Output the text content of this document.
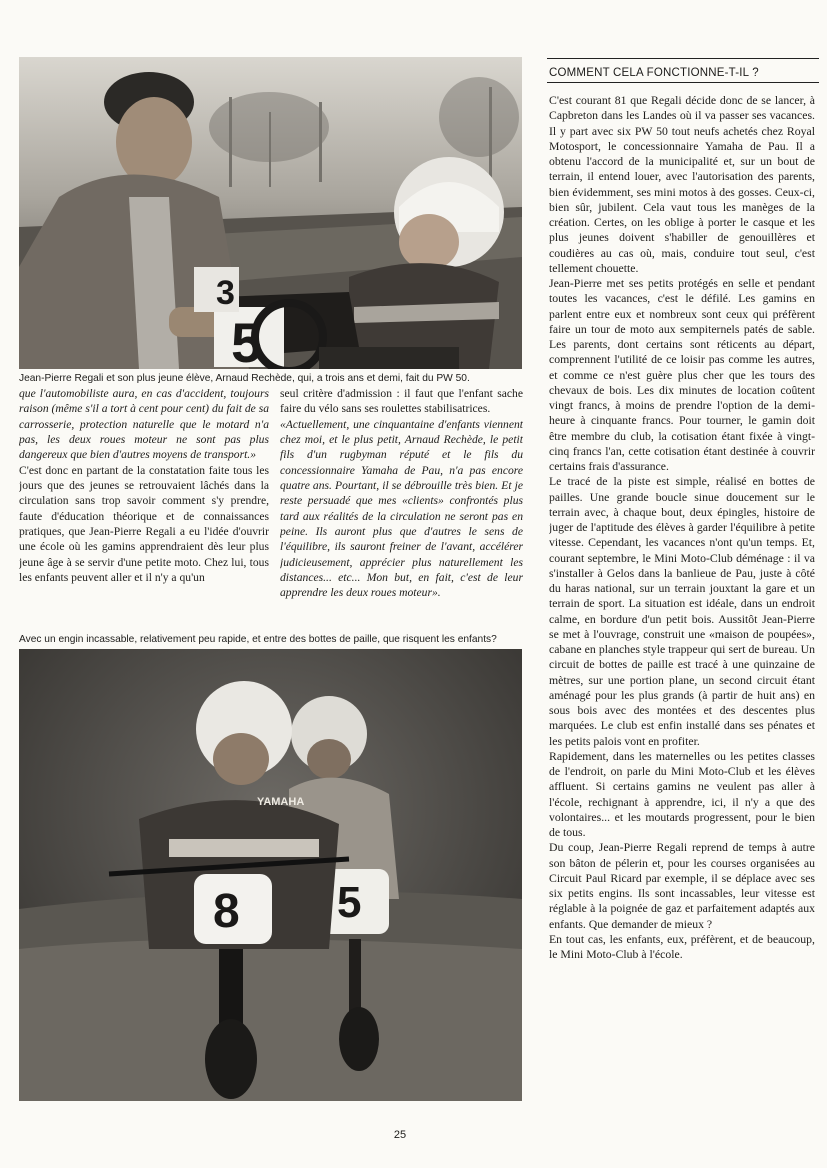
3
5
Jean-Pierre Regali et son plus jeune élève, Arnaud Rechède, qui, a trois ans et demi, fait du PW 50.

que l'automobiliste aura, en cas d'accident, toujours raison (même s'il a tort à cent pour cent) du fait de sa carrosserie, protection naturelle que le motard n'a pas, les deux roues moteur ne sont pas plus dangereux que bien d'autres moyens de transport.»

C'est donc en partant de la constatation faite tous les jours que des jeunes se retrouvaient lâchés dans la circulation sans trop savoir comment s'y prendre, faute d'éducation théorique et de connaissances pratiques, que Jean-Pierre Regali a eu l'idée d'ouvrir une école où les gamins apprendraient dès leur plus jeune âge à se servir d'une petite moto. Chez lui, tous les enfants peuvent aller et il n'y a qu'un

seul critère d'admission : il faut que l'enfant sache faire du vélo sans ses roulettes stabilisatrices.

«Actuellement, une cinquantaine d'enfants viennent chez moi, et le plus petit, Arnaud Rechède, le petit fils d'un rugbyman réputé et le fils du concessionnaire Yamaha de Pau, n'a pas encore quatre ans. Pourtant, il se débrouille très bien. Et je reste persuadé que mes «clients» confrontés plus tard aux réalités de la circulation ne seront pas en peine. Ils auront plus que d'autres le sens de l'équilibre, ils sauront freiner de l'avant, accélérer judicieusement, apprécier plus naturellement les distances... etc... Mon but, en fait, c'est de leur apprendre les deux roues moteur».

Avec un engin incassable, relativement peu rapide, et entre des bottes de paille, que risquent les enfants?
5
YAMAHA
8
COMMENT CELA FONCTIONNE-T-IL ?

C'est courant 81 que Regali décide donc de se lancer, à Capbreton dans les Landes où il va passer ses vacances. Il y part avec six PW 50 tout neufs achetés chez Royal Motosport, le concessionnaire Yamaha de Pau. Il a obtenu l'accord de la municipalité et, sur un bout de terrain, il entend louer, avec l'autorisation des parents, bien évidemment, ses mini motos à des gosses. Ceux-ci, bien sûr, jubilent. Cela vaut tous les manèges de la création. Certes, on les oblige à porter le casque et les plus jeunes doivent s'habiller de genouillères et coudières au cas où, mais, conduire tout seul, c'est tellement chouette.

Jean-Pierre met ses petits protégés en selle et pendant toutes les vacances, c'est le défilé. Les gamins en parlent entre eux et nombreux sont ceux qui préfèrent faire un tour de moto aux sempiternels patés de sable. Les parents, dont certains sont réticents au départ, comprennent l'utilité de ce loisir pas comme les autres, et comme ce n'est guère plus cher que les tours des chevaux de bois. Les dix minutes de location coûtent vingt francs, à moins de prendre l'option de la demi-heure à cinquante francs. Pour tourner, le gamin doit être membre du club, la cotisation étant fixée à vingt-cinq francs l'an, cette cotisation étant destinée à couvrir certains frais d'assurance.

Le tracé de la piste est simple, réalisé en bottes de pailles. Une grande boucle sinue doucement sur le terrain avec, à chaque bout, deux épingles, histoire de juger de l'aptitude des élèves à garder l'équilibre à petite vitesse. Cependant, les vacances n'ont qu'un temps. Et, courant septembre, le Mini Moto-Club déménage : il va s'installer à Gelos dans la banlieue de Pau, juste à côté du haras national, sur un terrain jouxtant la gare et un terrain de sport. La situation est idéale, dans un endroit calme, en bordure d'un petit bois. Aussitôt Jean-Pierre se met à l'ouvrage, construit une «maison de poupées», cabane en planches style trappeur qui sert de bureau. Un circuit de bottes de paille est tracé à une quinzaine de mètres, sur une portion plane, un second circuit étant aménagé pour les plus grands (à partir de huit ans) en sous bois avec des montées et des descentes plus marquées. Le club est enfin installé dans ses pénates et les petits palois vont en profiter.

Rapidement, dans les maternelles ou les petites classes de l'endroit, on parle du Mini Moto-Club et les élèves affluent. Si certains gamins ne veulent pas aller à l'école, rechignant à apprendre, ici, il n'y a que des volontaires... et les moutards progressent, pour le bien de tous.

Du coup, Jean-Pierre Regali reprend de temps à autre son bâton de pélerin et, pour les courses organisées au Circuit Paul Ricard par exemple, il se déplace avec ses six petits engins. Ils sont incassables, leur vitesse est réglable à la poignée de gaz et parfaitement adaptés aux enfants. Que demander de mieux ?

En tout cas, les enfants, eux, préfèrent, et de beaucoup, le Mini Moto-Club à l'école.

25
